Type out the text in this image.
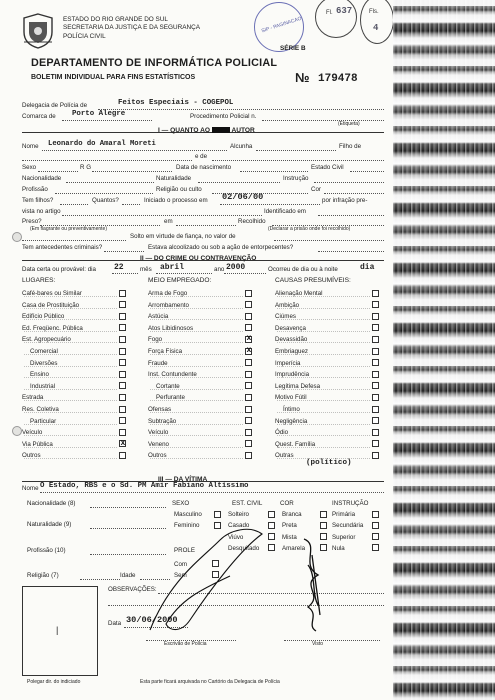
ESTADO DO RIO GRANDE DO SUL
SECRETARIA DA JUSTIÇA E DA SEGURANÇA
POLÍCIA CIVIL
SIP - PAGINACAO
Fl. 637	Fls.
4
SÉRIE B
DEPARTAMENTO DE INFORMÁTICA POLICIAL
BOLETIM INDIVIDUAL PARA FINS ESTATÍSTICOS	№ 179478
Delegacia de Polícia de	Feitos Especiais - COGEPOL
Comarca de Porto Alegre	Procedimento Policial n.
(Etiqueta)
I — QUANTO AO	AUTOR
Nome Leonardo do Amaral Moreti	Alcunha	Filho de
e de
Sexo	R G	Data de nascimento	Estado Civil
Nacionalidade	Naturalidade	Instrução
Profissão	Religião ou culto	Cor
Tem filhos?	Quantos?	Iniciado o processo em 02/06/00	por infração pre-
vista no artigo	Identificado em
Preso?	em	Recolhido
(Em flagrante ou preventivamente)	(Declarar a prisão onde foi recolhido)
Solto em virtude de fiança, no valor de
Tem antecedentes criminais?	Estava alcoolizado ou sob a ação de entorpecentes?
II — DO CRIME OU CONTRAVENÇÃO
Data certa ou provável: dia 22	mês abril	ano 2000	Ocorreu de dia ou à noite	dia
LUGARES:	MEIO EMPREGADO:	CAUSAS PRESUMÍVEIS:
Café-bares ou Similar
Casa de Prostituição
Edifício Público
Ed. Freqüenc. Pública
Est. Agropecuário
Comercial
Diversões
Ensino
Industrial
Estrada
Res. Coletiva
Particular
Veículo
Via Pública
x
Outros
Arma de Fogo
Arrombamento
Astúcia
Atos Libidinosos
Fogo
x
Força Física
x
Fraude
Inst. Contundente
Cortante
Perfurante
Ofensas
Subtração
Veículo
Veneno
Outros
Alienação Mental
Ambição
Ciúmes
Desavença
Devassidão
Embriaguez
Imperícia
Imprudência
Legítima Defesa
Motivo Fútil
Íntimo
Negligência
Ódio
Quest. Família
Outras
(político)
III — DA VÍTIMA
Nome O Estado, RBS e o Sd. PM Amir Fabiano Altíssimo
Nacionalidade (8)
Naturalidade (9)
Profissão (10)
Religião (7)
SEXO	EST. CIVIL	COR	INSTRUÇÃO
Masculino
Feminino
Solteiro
Casado
Viúvo
Desquitado
Branca
Preta
Mista
Amarela
Primária
Secundária
Superior
Nula
PROLE
Com
Sem
Idade
|
OBSERVAÇÕES:
Data 30/06/2000
Escrivão de Polícia	Visto
Polegar dir. do indiciado	Esta parte ficará arquivada no Cartório da Delegacia de Polícia
